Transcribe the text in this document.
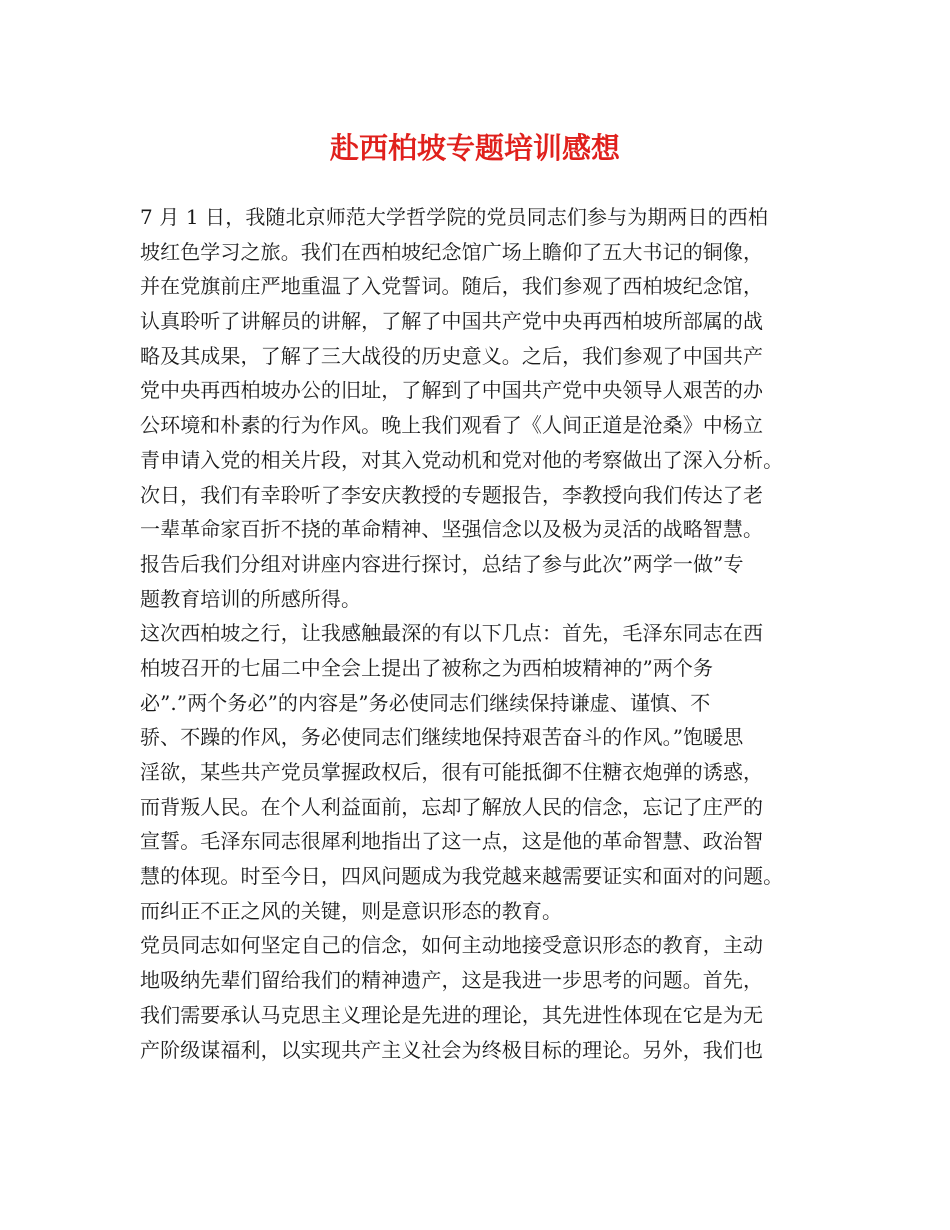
赴西柏坡专题培训感想
7 月 1 日，我随北京师范大学哲学院的党员同志们参与为期两日的西柏
坡红色学习之旅。我们在西柏坡纪念馆广场上瞻仰了五大书记的铜像，
并在党旗前庄严地重温了入党誓词。随后，我们参观了西柏坡纪念馆，
认真聆听了讲解员的讲解，了解了中国共产党中央再西柏坡所部属的战
略及其成果，了解了三大战役的历史意义。之后，我们参观了中国共产
党中央再西柏坡办公的旧址，了解到了中国共产党中央领导人艰苦的办
公环境和朴素的行为作风。晚上我们观看了《人间正道是沧桑》中杨立
青申请入党的相关片段，对其入党动机和党对他的考察做出了深入分析。
次日，我们有幸聆听了李安庆教授的专题报告，李教授向我们传达了老
一辈革命家百折不挠的革命精神、坚强信念以及极为灵活的战略智慧。
报告后我们分组对讲座内容进行探讨，总结了参与此次”两学一做”专
题教育培训的所感所得。
这次西柏坡之行，让我感触最深的有以下几点：首先，毛泽东同志在西
柏坡召开的七届二中全会上提出了被称之为西柏坡精神的”两个务
必”.”两个务必”的内容是”务必使同志们继续保持谦虚、谨慎、不
骄、不躁的作风，务必使同志们继续地保持艰苦奋斗的作风。”饱暖思
淫欲，某些共产党员掌握政权后，很有可能抵御不住糖衣炮弹的诱惑，
而背叛人民。在个人利益面前，忘却了解放人民的信念，忘记了庄严的
宣誓。毛泽东同志很犀利地指出了这一点，这是他的革命智慧、政治智
慧的体现。时至今日，四风问题成为我党越来越需要证实和面对的问题。
而纠正不正之风的关键，则是意识形态的教育。
党员同志如何坚定自己的信念，如何主动地接受意识形态的教育，主动
地吸纳先辈们留给我们的精神遗产，这是我进一步思考的问题。首先，
我们需要承认马克思主义理论是先进的理论，其先进性体现在它是为无
产阶级谋福利，以实现共产主义社会为终极目标的理论。另外，我们也
